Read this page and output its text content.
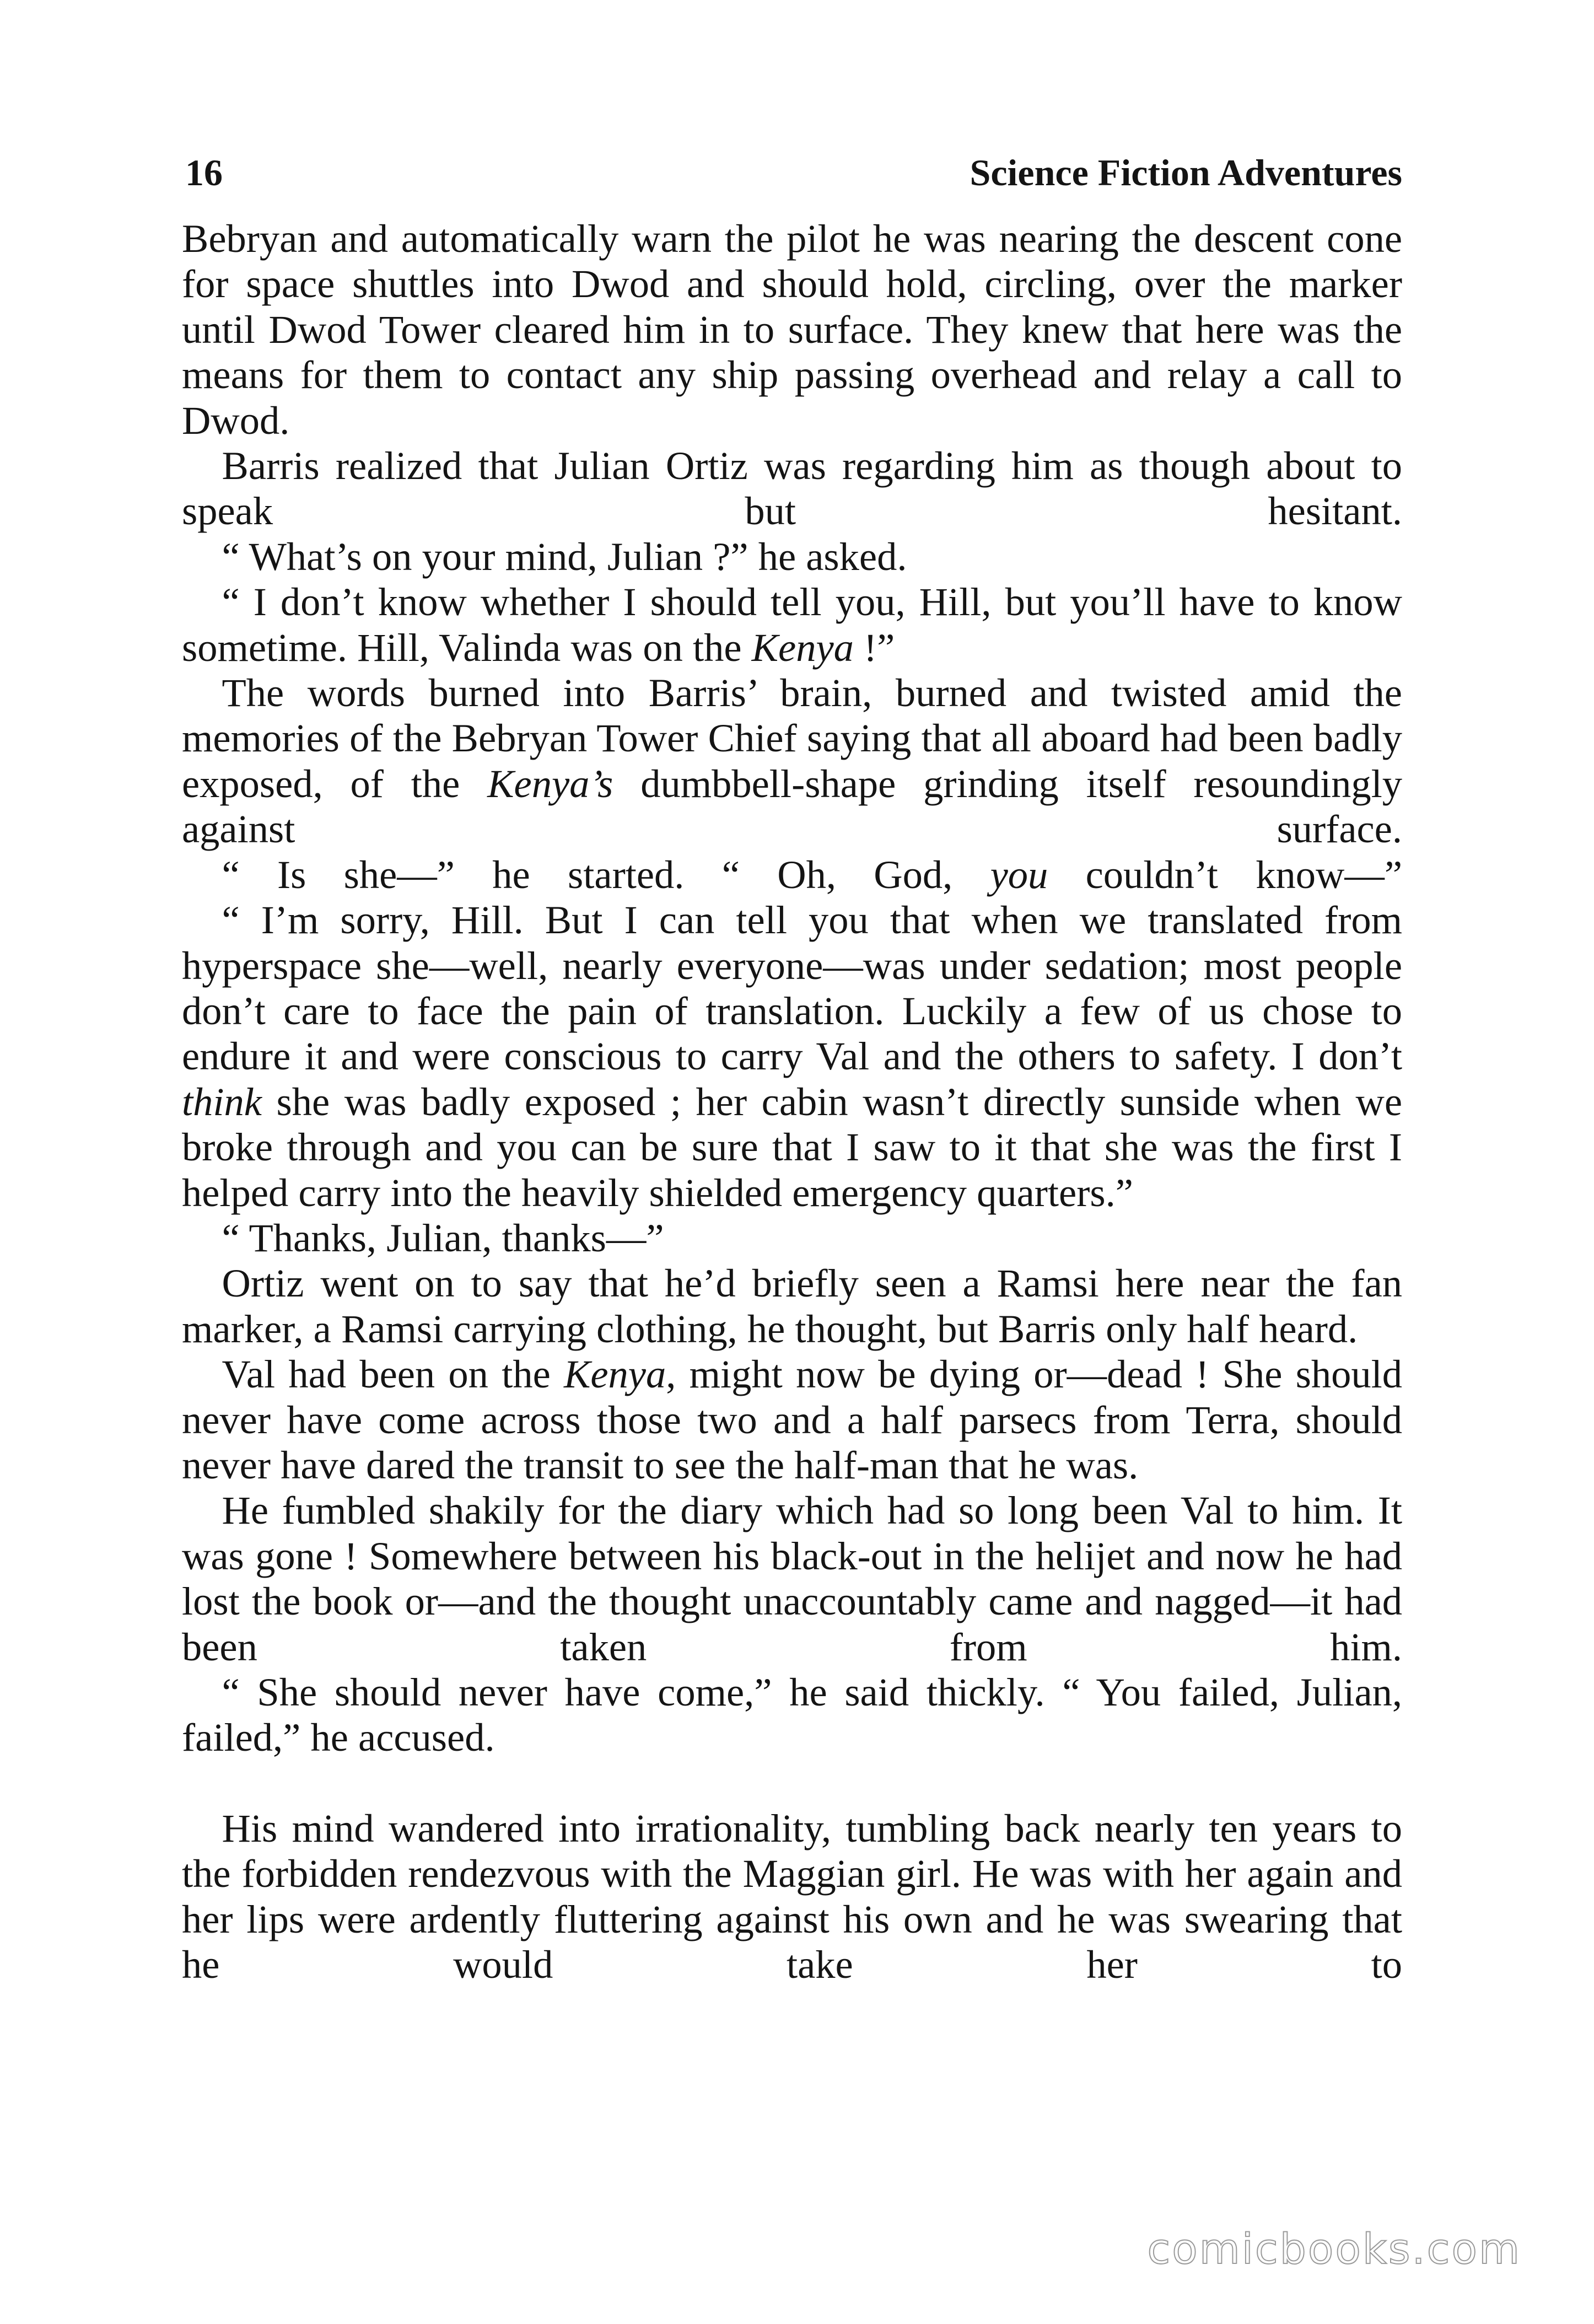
16	Science Fiction Adventures

Bebryan and automatically warn the pilot he was nearing the descent cone for space shuttles into Dwod and should hold, circling, over the marker until Dwod Tower cleared him in to surface. They knew that here was the means for them to contact any ship passing overhead and relay a call to Dwod.

Barris realized that Julian Ortiz was regarding him as though about to speak but hesitant.

“ What’s on your mind, Julian ?” he asked.

“ I don’t know whether I should tell you, Hill, but you’ll have to know sometime. Hill, Valinda was on the Kenya !”

The words burned into Barris’ brain, burned and twisted amid the memories of the Bebryan Tower Chief saying that all aboard had been badly exposed, of the Kenya’s dumbbell-shape grinding itself resoundingly against surface.

“ Is she—” he started. “ Oh, God, you couldn’t know—”

“ I’m sorry, Hill. But I can tell you that when we translated from hyperspace she—well, nearly everyone—was under sedation; most people don’t care to face the pain of translation. Luckily a few of us chose to endure it and were conscious to carry Val and the others to safety. I don’t think she was badly exposed ; her cabin wasn’t directly sunside when we broke through and you can be sure that I saw to it that she was the first I helped carry into the heavily shielded emergency quarters.”

“ Thanks, Julian, thanks—”

Ortiz went on to say that he’d briefly seen a Ramsi here near the fan marker, a Ramsi carrying clothing, he thought, but Barris only half heard.

Val had been on the Kenya, might now be dying or—dead ! She should never have come across those two and a half parsecs from Terra, should never have dared the transit to see the half-man that he was.

He fumbled shakily for the diary which had so long been Val to him. It was gone ! Somewhere between his black-out in the helijet and now he had lost the book or—and the thought unaccountably came and nagged—it had been taken from him.

“ She should never have come,” he said thickly. “ You failed, Julian, failed,” he accused.

His mind wandered into irrationality, tumbling back nearly ten years to the forbidden rendezvous with the Maggian girl. He was with her again and her lips were ardently fluttering against his own and he was swearing that he would take her to

comicbooks.com
